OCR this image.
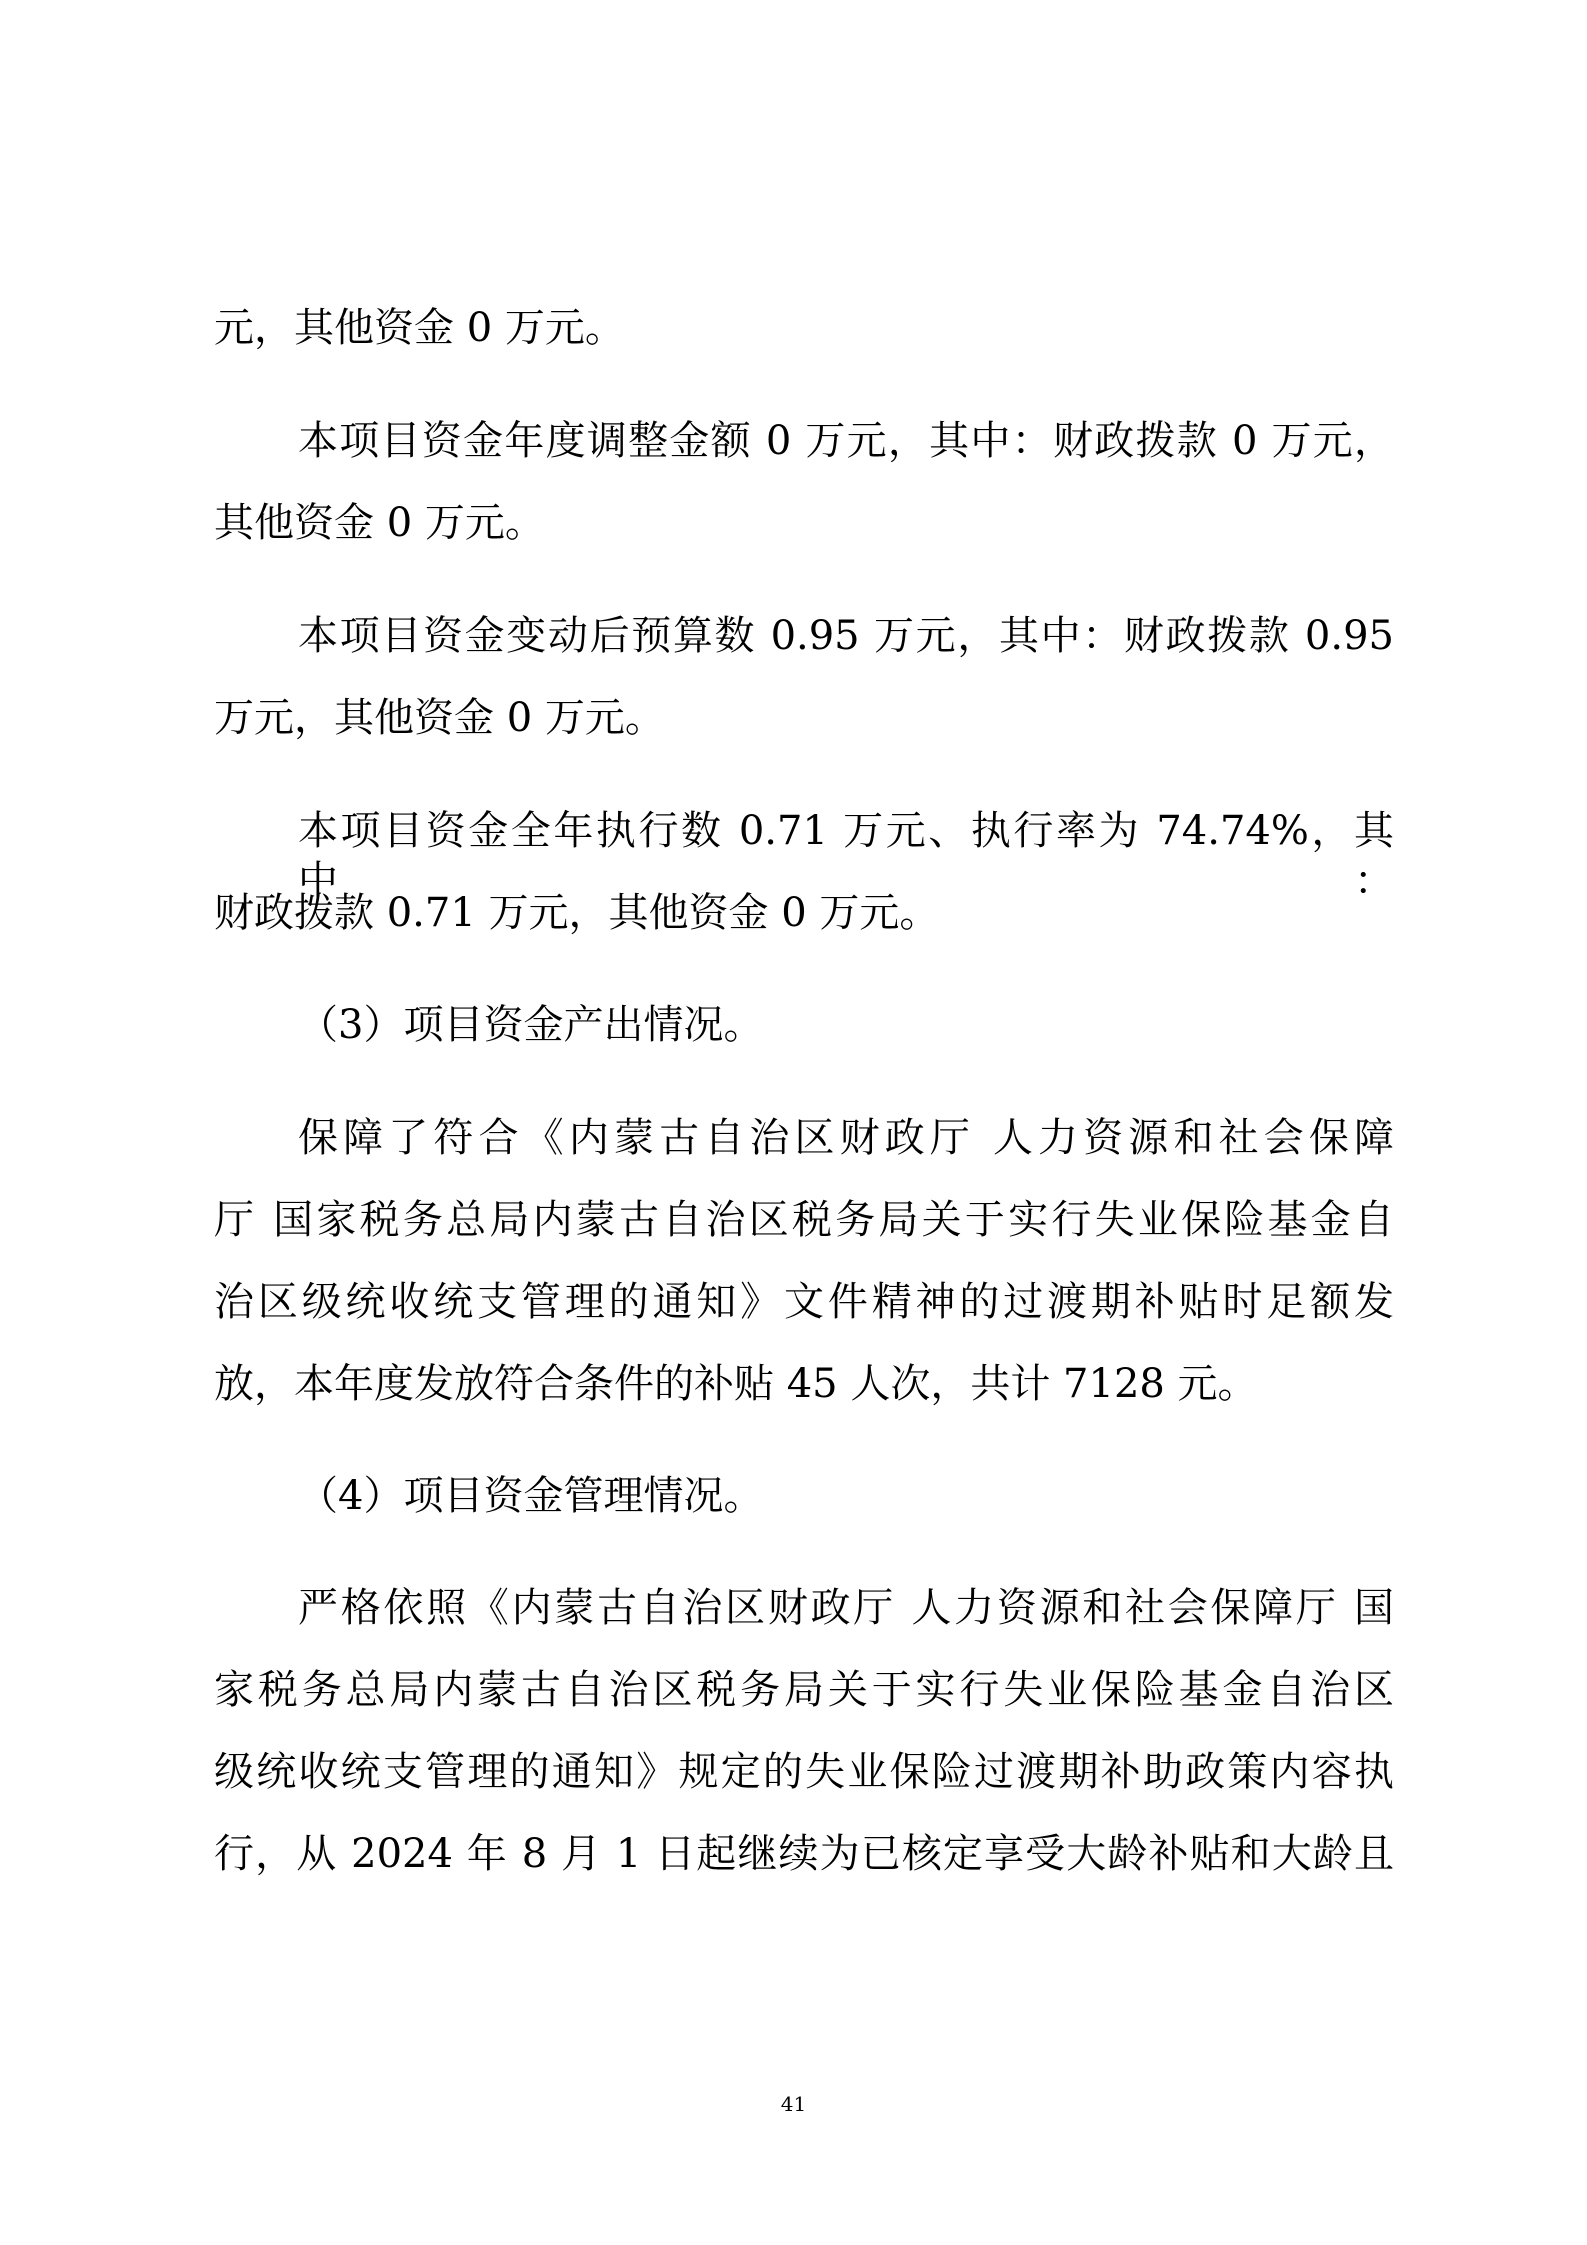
元，其他资金 0 万元。
本项目资金年度调整金额 0 万元，其中：财政拨款 0 万元，
其他资金 0 万元。
本项目资金变动后预算数 0.95 万元，其中：财政拨款 0.95
万元，其他资金 0 万元。
本项目资金全年执行数 0.71 万元、执行率为 74.74%，其中：
财政拨款 0.71 万元，其他资金 0 万元。
（3）项目资金产出情况。
保障了符合《内蒙古自治区财政厅 人力资源和社会保障
厅 国家税务总局内蒙古自治区税务局关于实行失业保险基金自
治区级统收统支管理的通知》文件精神的过渡期补贴时足额发
放，本年度发放符合条件的补贴 45 人次，共计 7128 元。
（4）项目资金管理情况。
严格依照《内蒙古自治区财政厅 人力资源和社会保障厅 国
家税务总局内蒙古自治区税务局关于实行失业保险基金自治区
级统收统支管理的通知》规定的失业保险过渡期补助政策内容执
行，从 2024 年 8 月 1 日起继续为已核定享受大龄补贴和大龄且
41
